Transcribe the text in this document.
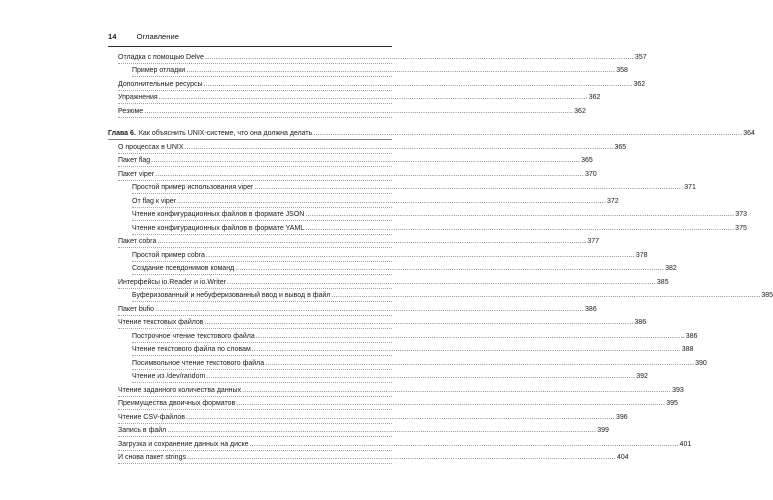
14	Оглавление
Отладка с помощью Delve ........................................................................................................................................................................................................ 357
Пример отладки ........................................................................................................................................................................................................ 358
Дополнительные ресурсы ........................................................................................................................................................................................................ 362
Упражнения ........................................................................................................................................................................................................ 362
Резюме ........................................................................................................................................................................................................ 362
Глава 6. Как объяснить UNIX-системе, что она должна делать ........................................................................................................................................................................................................ 364
О процессах в UNIX ........................................................................................................................................................................................................ 365
Пакет flag ........................................................................................................................................................................................................ 365
Пакет viper ........................................................................................................................................................................................................ 370
Простой пример использования viper ........................................................................................................................................................................................................ 371
От flag к viper ........................................................................................................................................................................................................ 372
Чтение конфигурационных файлов в формате JSON ........................................................................................................................................................................................................ 373
Чтение конфигурационных файлов в формате YAML ........................................................................................................................................................................................................ 375
Пакет cobra ........................................................................................................................................................................................................ 377
Простой пример cobra ........................................................................................................................................................................................................ 378
Создание псевдонимов команд ........................................................................................................................................................................................................ 382
Интерфейсы io.Reader и io.Writer ........................................................................................................................................................................................................ 385
Буферизованный и небуферизованный ввод и вывод в файл ........................................................................................................................................................................................................ 385
Пакет bufio ........................................................................................................................................................................................................ 386
Чтение текстовых файлов ........................................................................................................................................................................................................ 386
Построчное чтение текстового файла ........................................................................................................................................................................................................ 386
Чтение текстового файла по словам ........................................................................................................................................................................................................ 388
Посимвольное чтение текстового файла ........................................................................................................................................................................................................ 390
Чтение из /dev/random ........................................................................................................................................................................................................ 392
Чтение заданного количества данных ........................................................................................................................................................................................................ 393
Преимущества двоичных форматов ........................................................................................................................................................................................................ 395
Чтение CSV-файлов ........................................................................................................................................................................................................ 396
Запись в файл ........................................................................................................................................................................................................ 399
Загрузка и сохранение данных на диске ........................................................................................................................................................................................................ 401
И снова пакет strings ........................................................................................................................................................................................................ 404
